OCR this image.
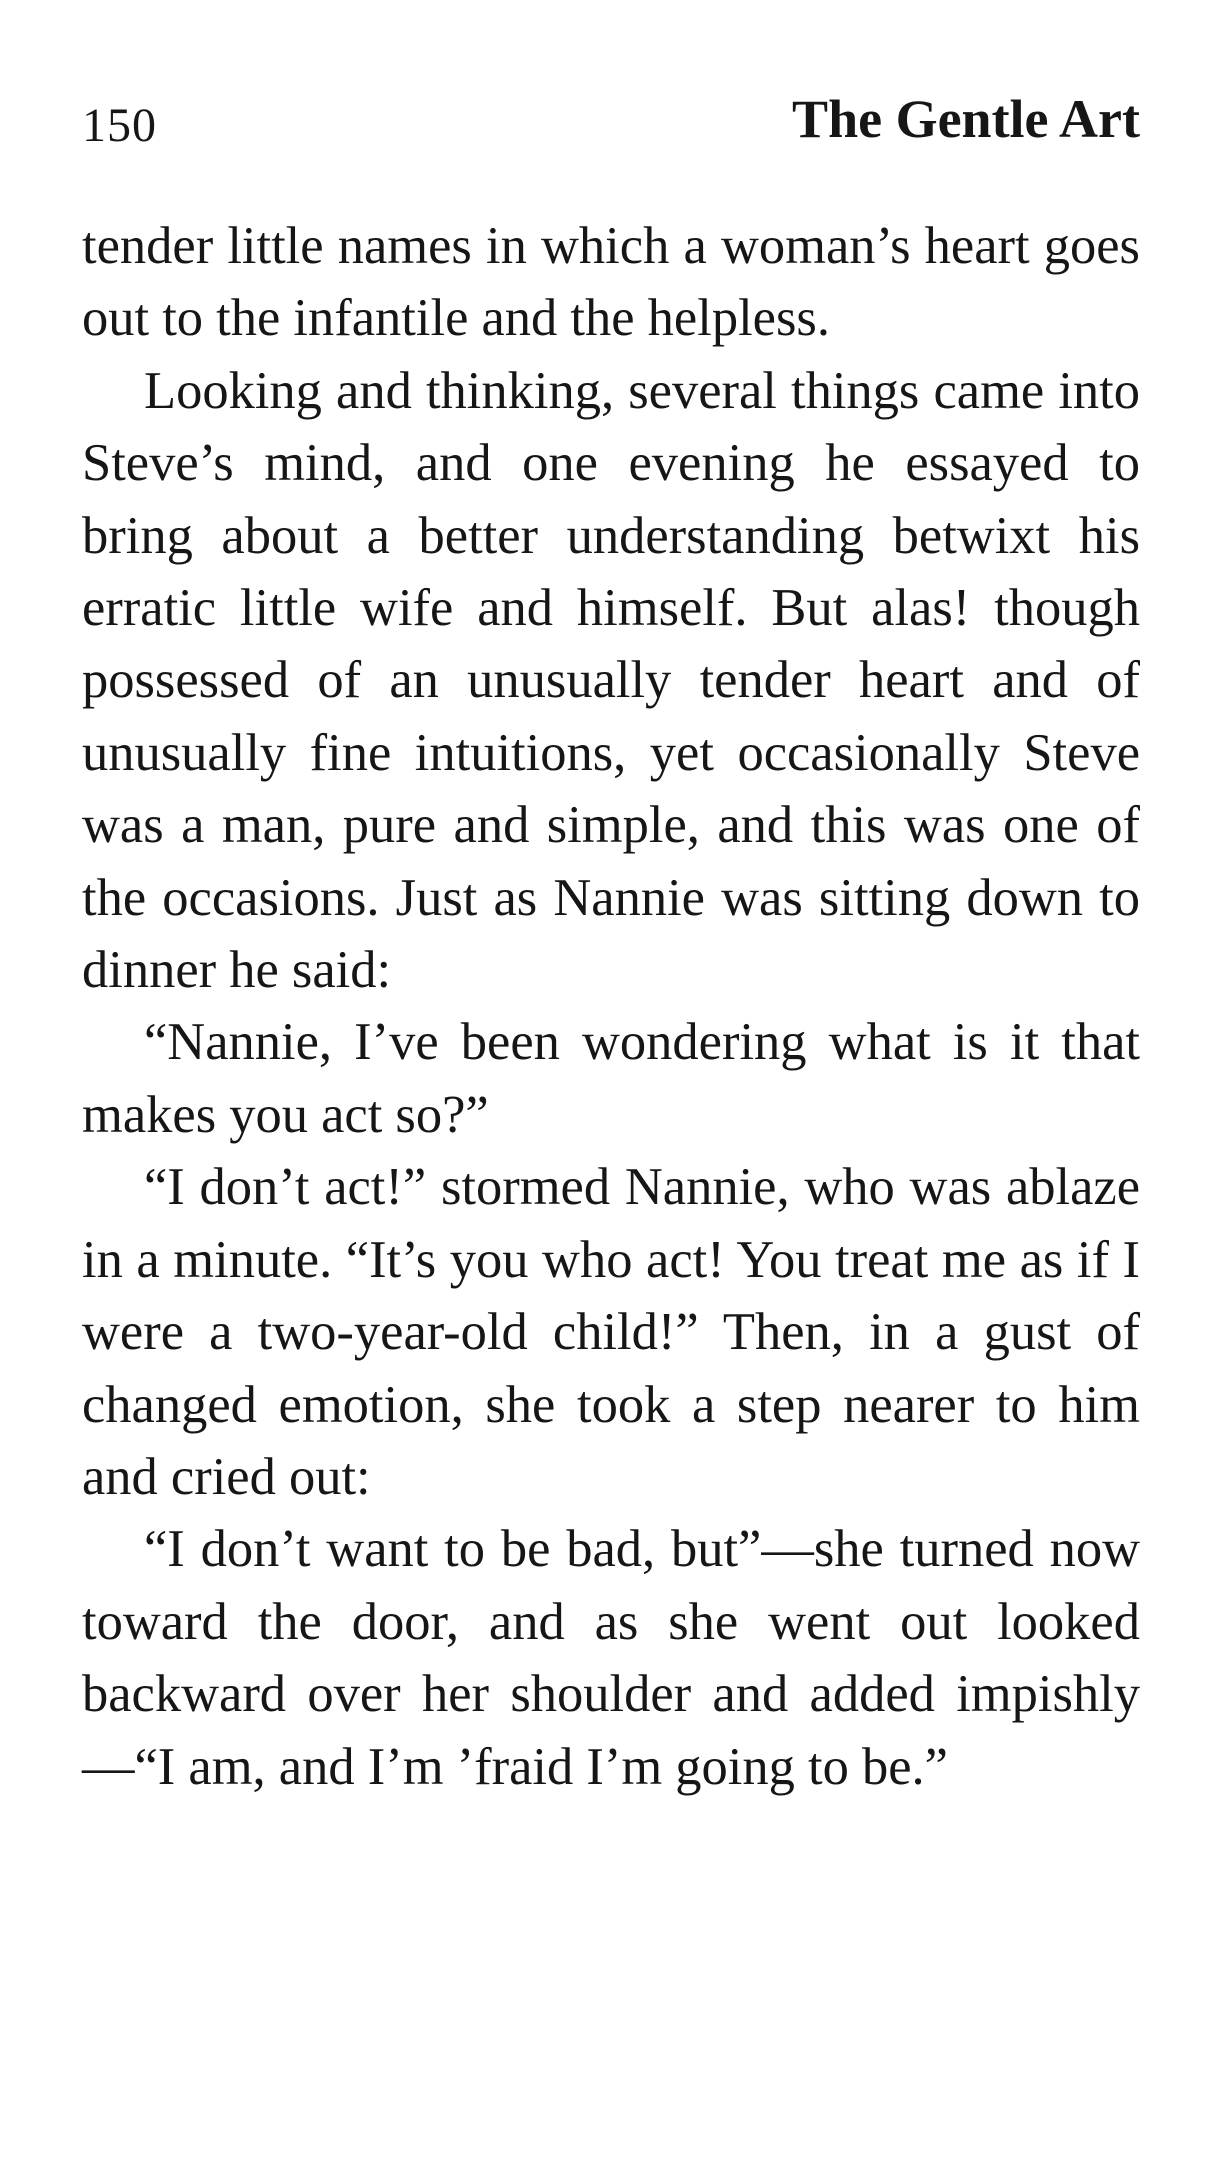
150	The Gentle Art

tender little names in which a woman’s heart goes out to the infantile and the helpless.

Looking and thinking, several things came into Steve’s mind, and one evening he essayed to bring about a better understanding betwixt his erratic little wife and himself. But alas! though possessed of an unusually tender heart and of unusually fine intuitions, yet occasionally Steve was a man, pure and simple, and this was one of the occasions. Just as Nannie was sitting down to dinner he said:

“Nannie, I’ve been wondering what is it that makes you act so?”

“I don’t act!” stormed Nannie, who was ablaze in a minute. “It’s you who act! You treat me as if I were a two-year-old child!” Then, in a gust of changed emotion, she took a step nearer to him and cried out:

“I don’t want to be bad, but”—she turned now toward the door, and as she went out looked backward over her shoulder and added impishly—“I am, and I’m ’fraid I’m going to be.”
